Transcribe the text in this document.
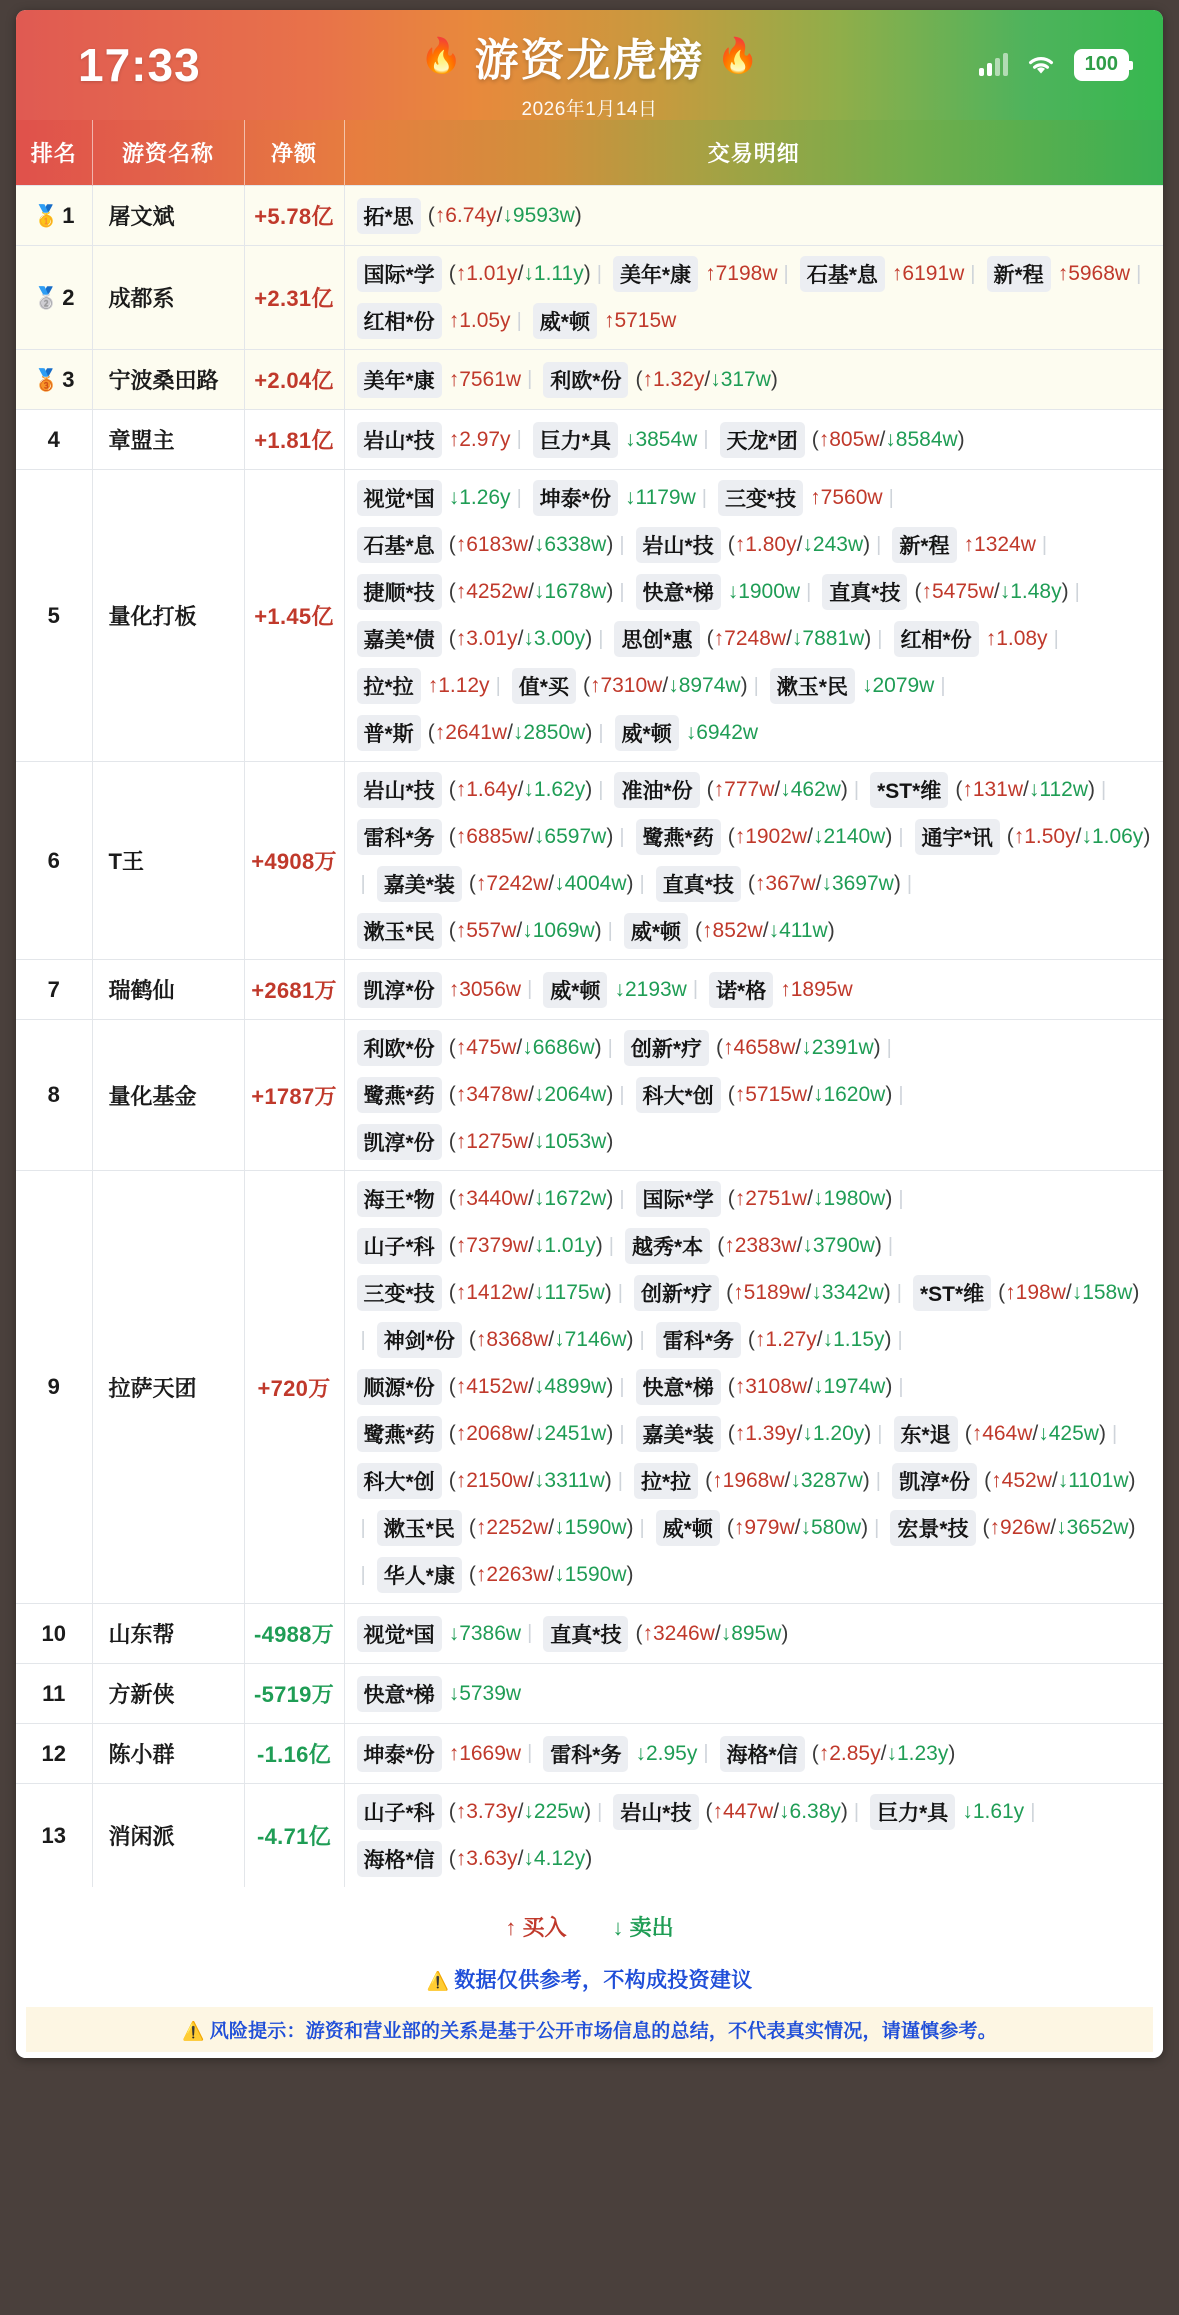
17:33	🔥 游资龙虎榜 🔥
2026年1月14日
100
排名	游资名称	净额	交易明细
🥇 1	屠文斌	+5.78亿	拓*思 (↑6.74y/↓9593w)

🥈 2	成都系	+2.31亿	
国际*学 (↑1.01y/↓1.11y) | 美年*康 ↑7198w | 石基*息 ↑6191w | 新*程 ↑5968w |
红相*份 ↑1.05y | 威*顿 ↑5715w

🥉 3	宁波桑田路	+2.04亿	美年*康 ↑7561w | 利欧*份 (↑1.32y/↓317w)

4	章盟主	+1.81亿	岩山*技 ↑2.97y | 巨力*具 ↓3854w | 天龙*团 (↑805w/↓8584w)

5	量化打板	+1.45亿	
视觉*国 ↓1.26y | 坤泰*份 ↓1179w | 三变*技 ↑7560w |
石基*息 (↑6183w/↓6338w) | 岩山*技 (↑1.80y/↓243w) | 新*程 ↑1324w |
捷顺*技 (↑4252w/↓1678w) | 快意*梯 ↓1900w | 直真*技 (↑5475w/↓1.48y) |
嘉美*债 (↑3.01y/↓3.00y) | 思创*惠 (↑7248w/↓7881w) | 红相*份 ↑1.08y |
拉*拉 ↑1.12y | 值*买 (↑7310w/↓8974w) | 漱玉*民 ↓2079w |
普*斯 (↑2641w/↓2850w) | 威*顿 ↓6942w

6	T王	+4908万	
岩山*技 (↑1.64y/↓1.62y) | 准油*份 (↑777w/↓462w) | *ST*维 (↑131w/↓112w) |
雷科*务 (↑6885w/↓6597w) | 鹭燕*药 (↑1902w/↓2140w) | 通宇*讯 (↑1.50y/↓1.06y)
| 嘉美*装 (↑7242w/↓4004w) | 直真*技 (↑367w/↓3697w) |
漱玉*民 (↑557w/↓1069w) | 威*顿 (↑852w/↓411w)

7	瑞鹤仙	+2681万	凯淳*份 ↑3056w | 威*顿 ↓2193w | 诺*格 ↑1895w

8	量化基金	+1787万	
利欧*份 (↑475w/↓6686w) | 创新*疗 (↑4658w/↓2391w) |
鹭燕*药 (↑3478w/↓2064w) | 科大*创 (↑5715w/↓1620w) |
凯淳*份 (↑1275w/↓1053w)

9	拉萨天团	+720万	
海王*物 (↑3440w/↓1672w) | 国际*学 (↑2751w/↓1980w) |
山子*科 (↑7379w/↓1.01y) | 越秀*本 (↑2383w/↓3790w) |
三变*技 (↑1412w/↓1175w) | 创新*疗 (↑5189w/↓3342w) | *ST*维 (↑198w/↓158w)
| 神剑*份 (↑8368w/↓7146w) | 雷科*务 (↑1.27y/↓1.15y) |
顺源*份 (↑4152w/↓4899w) | 快意*梯 (↑3108w/↓1974w) |
鹭燕*药 (↑2068w/↓2451w) | 嘉美*装 (↑1.39y/↓1.20y) | 东*退 (↑464w/↓425w) |
科大*创 (↑2150w/↓3311w) | 拉*拉 (↑1968w/↓3287w) | 凯淳*份 (↑452w/↓1101w)
| 漱玉*民 (↑2252w/↓1590w) | 威*顿 (↑979w/↓580w) | 宏景*技 (↑926w/↓3652w)
| 华人*康 (↑2263w/↓1590w)

10	山东帮	-4988万	视觉*国 ↓7386w | 直真*技 (↑3246w/↓895w)

11	方新侠	-5719万	快意*梯 ↓5739w

12	陈小群	-1.16亿	坤泰*份 ↑1669w | 雷科*务 ↓2.95y | 海格*信 (↑2.85y/↓1.23y)

13	消闲派	-4.71亿	
山子*科 (↑3.73y/↓225w) | 岩山*技 (↑447w/↓6.38y) | 巨力*具 ↓1.61y |
海格*信 (↑3.63y/↓4.12y)
↑ 买入 ↓ 卖出
⚠️ 数据仅供参考，不构成投资建议
⚠️ 风险提示：游资和营业部的关系是基于公开市场信息的总结，不代表真实情况，请谨慎参考。
